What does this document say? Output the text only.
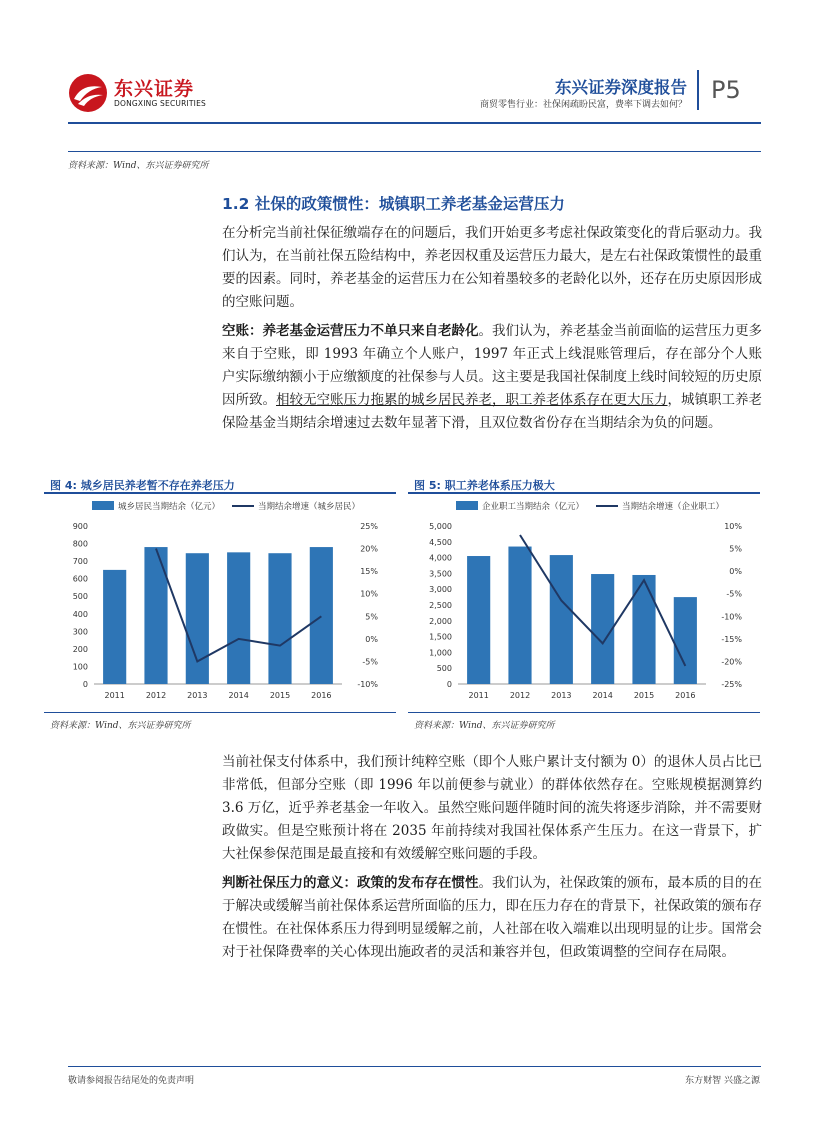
东兴证券
DONGXING SECURITIES
东兴证券深度报告
商贸零售行业：社保闲疏盼民富，费率下调去如何？
P5
资料来源：Wind、东兴证券研究所
1.2 社保的政策惯性：城镇职工养老基金运营压力
在分析完当前社保征缴端存在的问题后，我们开始更多考虑社保政策变化的背后驱动力。我们认为，在当前社保五险结构中，养老因权重及运营压力最大，是左右社保政策惯性的最重要的因素。同时，养老基金的运营压力在公知着墨较多的老龄化以外，还存在历史原因形成的空账问题。
空账：养老基金运营压力不单只来自老龄化。我们认为，养老基金当前面临的运营压力更多来自于空账，即 1993 年确立个人账户，1997 年正式上线混账管理后，存在部分个人账户实际缴纳额小于应缴额度的社保参与人员。这主要是我国社保制度上线时间较短的历史原因所致。相较无空账压力拖累的城乡居民养老，职工养老体系存在更大压力，城镇职工养老保险基金当期结余增速过去数年显著下滑，且双位数省份存在当期结余为负的问题。
图 4: 城乡居民养老暂不存在养老压力
城乡居民当期结余（亿元）	当期结余增速（城乡居民）
0
100
200
300
400
500
600
700
800
900
-10%
-5%
0%
5%
10%
15%
20%
25%
2011	2012	2013	2014	2015	2016
资料来源：Wind、东兴证券研究所
图 5: 职工养老体系压力极大
企业职工当期结余（亿元）	当期结余增速（企业职工）
0
500
1,000
1,500
2,000
2,500
3,000
3,500
4,000
4,500
5,000
-25%
-20%
-15%
-10%
-5%
0%
5%
10%
2011	2012	2013	2014	2015	2016
资料来源：Wind、东兴证券研究所
当前社保支付体系中，我们预计纯粹空账（即个人账户累计支付额为 0）的退休人员占比已非常低，但部分空账（即 1996 年以前便参与就业）的群体依然存在。空账规模据测算约 3.6 万亿，近乎养老基金一年收入。虽然空账问题伴随时间的流失将逐步消除，并不需要财政做实。但是空账预计将在 2035 年前持续对我国社保体系产生压力。在这一背景下，扩大社保参保范围是最直接和有效缓解空账问题的手段。
判断社保压力的意义：政策的发布存在惯性。我们认为，社保政策的颁布，最本质的目的在于解决或缓解当前社保体系运营所面临的压力，即在压力存在的背景下，社保政策的颁布存在惯性。在社保体系压力得到明显缓解之前，人社部在收入端难以出现明显的让步。国常会对于社保降费率的关心体现出施政者的灵活和兼容并包，但政策调整的空间存在局限。
敬请参阅报告结尾处的免责声明	东方财智 兴盛之源
